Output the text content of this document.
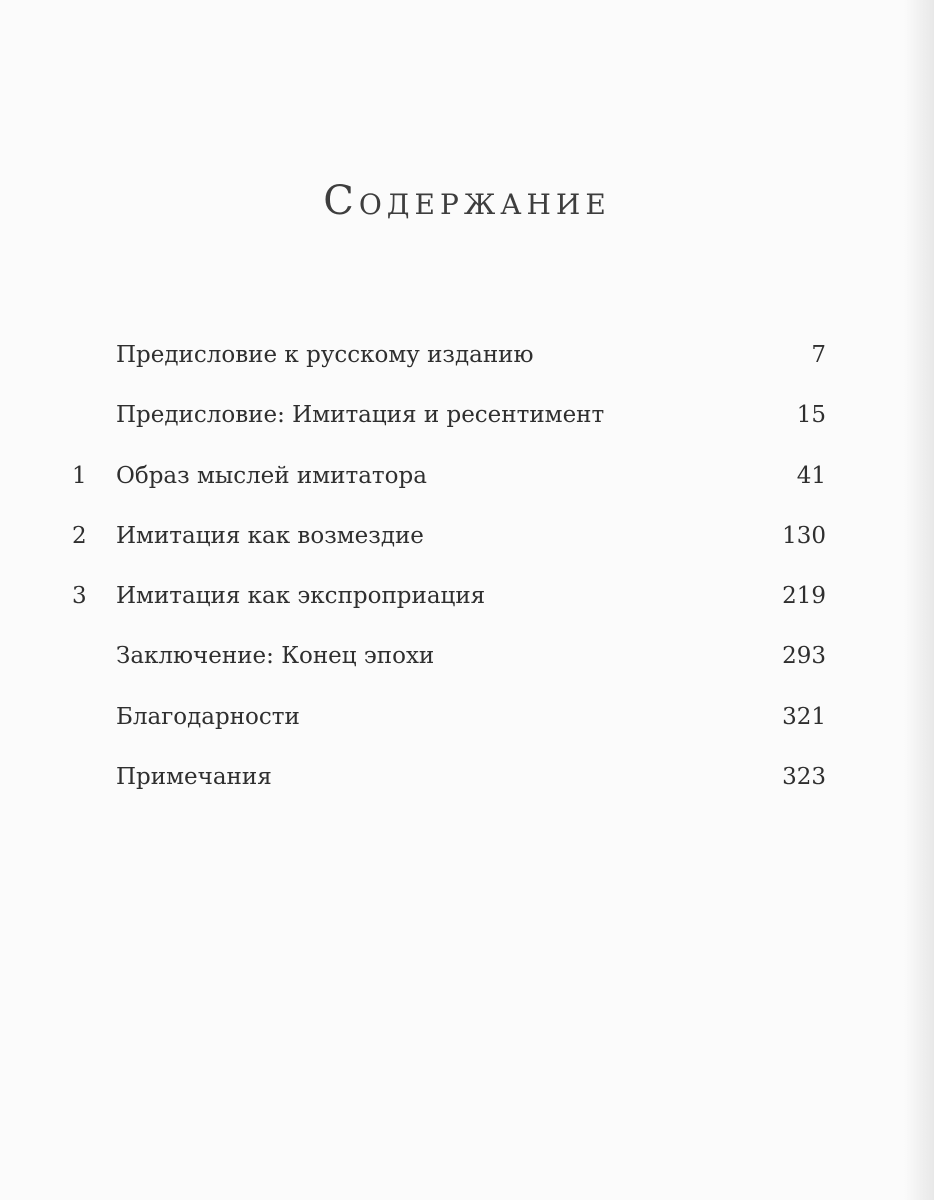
Содержание
Предисловие к русскому изданию	7
Предисловие: Имитация и ресентимент	15
1	Образ мыслей имитатора	41
2	Имитация как возмездие	130
3	Имитация как экспроприация	219
Заключение: Конец эпохи	293
Благодарности	321
Примечания	323
